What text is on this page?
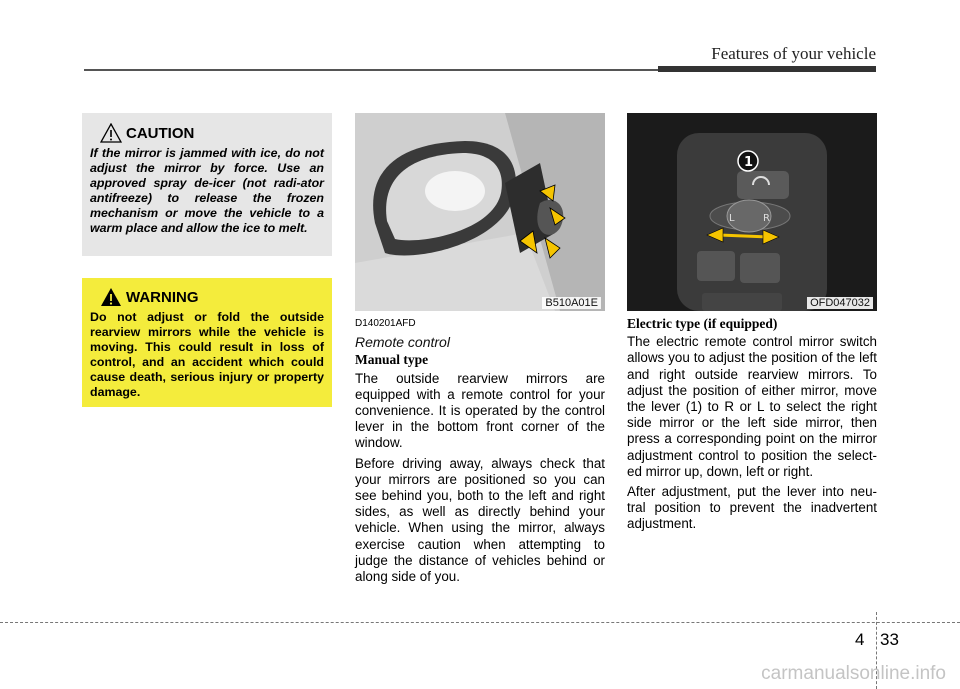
Features of your vehicle
CAUTION

If the mirror is jammed with ice, do not adjust the mirror by force. Use an approved spray de-icer (not radi-ator antifreeze) to release the frozen mechanism or move the vehicle to a warm place and allow the ice to melt.

WARNING

Do not adjust or fold the outside rearview mirrors while the vehicle is moving. This could result in loss of control, and an accident which could cause death, serious injury or property damage.

B510A01E
L	R
1
OFD047032

D140201AFD

Remote control

Manual type

The outside rearview mirrors are equipped with a remote control for your convenience. It is operated by the control lever in the bottom front corner of the window.

Before driving away, always check that your mirrors are positioned so you can see behind you, both to the left and right sides, as well as directly behind your vehicle. When using the mirror, always exercise caution when attempting to judge the distance of vehicles behind or along side of you.

Electric type (if equipped)

The electric remote control mirror switch allows you to adjust the position of the left and right outside rearview mirrors. To adjust the position of either mirror, move the lever (1) to R or L to select the right side mirror or the left side mirror, then press a corresponding point on the mirror adjustment control to position the select-ed mirror up, down, left or right.

After adjustment, put the lever into neu-tral position to prevent the inadvertent adjustment.

4 33
carmanualsonline.info
